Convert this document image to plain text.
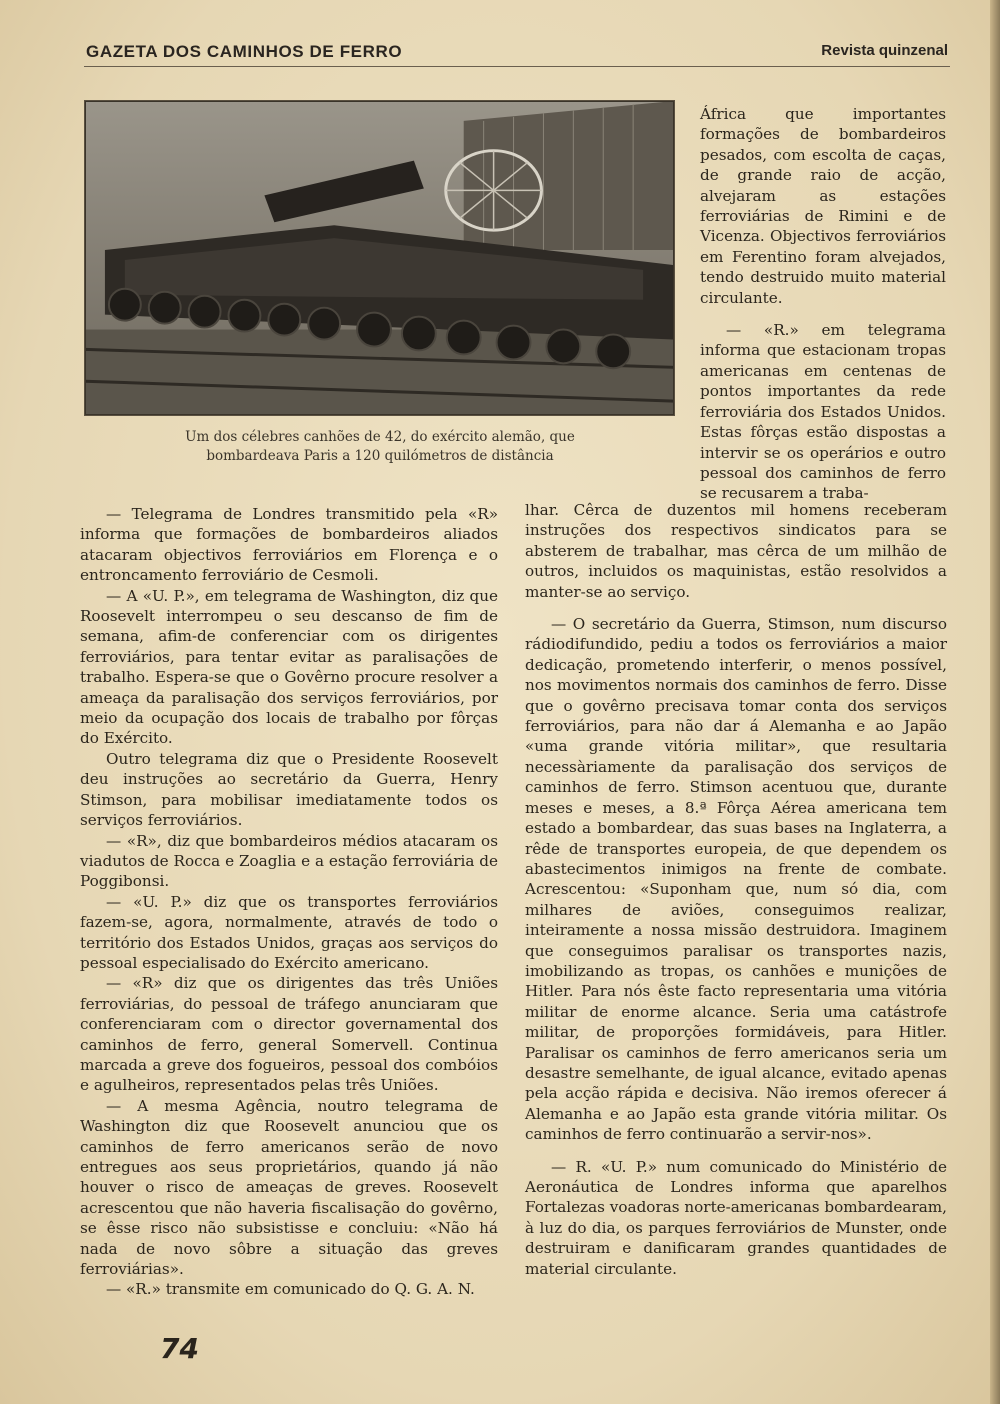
GAZETA DOS CAMINHOS DE FERRO	Revista quinzenal
Um dos célebres canhões de 42, do exército alemão, que
bombardeava Paris a 120 quilómetros de distância

África que importantes formações de bombardeiros pesados, com escolta de caças, de grande raio de acção, alvejaram as estações ferroviárias de Rimini e de Vicenza. Objectivos ferroviários em Ferentino foram alvejados, tendo destruido muito material circulante.

— «R.» em telegrama informa que estacionam tropas americanas em centenas de pontos importantes da rede ferroviária dos Estados Unidos. Estas fôrças estão dispostas a intervir se os operários e outro pessoal dos caminhos de ferro se recusarem a traba-

lhar. Cêrca de duzentos mil homens receberam instruções dos respectivos sindicatos para se absterem de trabalhar, mas cêrca de um milhão de outros, incluidos os maquinistas, estão resolvidos a manter-se ao serviço.

— O secretário da Guerra, Stimson, num discurso rádiodifundido, pediu a todos os ferroviários a maior dedicação, prometendo interferir, o menos possível, nos movimentos normais dos caminhos de ferro. Disse que o govêrno precisava tomar conta dos serviços ferroviários, para não dar á Alemanha e ao Japão «uma grande vitória militar», que resultaria necessàriamente da paralisação dos serviços de caminhos de ferro. Stimson acentuou que, durante meses e meses, a 8.ª Fôrça Aérea americana tem estado a bombardear, das suas bases na Inglaterra, a rêde de transportes europeia, de que dependem os abastecimentos inimigos na frente de combate. Acrescentou: «Suponham que, num só dia, com milhares de aviões, conseguimos realizar, inteiramente a nossa missão destruidora. Imaginem que conseguimos paralisar os transportes nazis, imobilizando as tropas, os canhões e munições de Hitler. Para nós êste facto representaria uma vitória militar de enorme alcance. Seria uma catástrofe militar, de proporções formidáveis, para Hitler. Paralisar os caminhos de ferro americanos seria um desastre semelhante, de igual alcance, evitado apenas pela acção rápida e decisiva. Não iremos oferecer á Alemanha e ao Japão esta grande vitória militar. Os caminhos de ferro continuarão a servir-nos».

— R. «U. P.» num comunicado do Ministério de Aeronáutica de Londres informa que aparelhos Fortalezas voadoras norte-americanas bombardearam, à luz do dia, os parques ferroviários de Munster, onde destruiram e danificaram grandes quantidades de material circulante.

— Telegrama de Londres transmitido pela «R» informa que formações de bombardeiros aliados atacaram objectivos ferroviários em Florença e o entroncamento ferroviário de Cesmoli.

— A «U. P.», em telegrama de Washington, diz que Roosevelt interrompeu o seu descanso de fim de semana, afim-de conferenciar com os dirigentes ferroviários, para tentar evitar as paralisações de trabalho. Espera-se que o Govêrno procure resolver a ameaça da paralisação dos serviços ferroviários, por meio da ocupação dos locais de trabalho por fôrças do Exército.

Outro telegrama diz que o Presidente Roosevelt deu instruções ao secretário da Guerra, Henry Stimson, para mobilisar imediatamente todos os serviços ferroviários.

— «R», diz que bombardeiros médios atacaram os viadutos de Rocca e Zoaglia e a estação ferroviária de Poggibonsi.

— «U. P.» diz que os transportes ferroviários fazem-se, agora, normalmente, através de todo o território dos Estados Unidos, graças aos serviços do pessoal especialisado do Exército americano.

— «R» diz que os dirigentes das três Uniões ferroviárias, do pessoal de tráfego anunciaram que conferenciaram com o director governamental dos caminhos de ferro, general Somervell. Continua marcada a greve dos fogueiros, pessoal dos combóios e agulheiros, representados pelas três Uniões.

— A mesma Agência, noutro telegrama de Washington diz que Roosevelt anunciou que os caminhos de ferro americanos serão de novo entregues aos seus proprietários, quando já não houver o risco de ameaças de greves. Roosevelt acrescentou que não haveria fiscalisação do govêrno, se êsse risco não subsistisse e concluiu: «Não há nada de novo sôbre a situação das greves ferroviárias».

— «R.» transmite em comunicado do Q. G. A. N.

74
